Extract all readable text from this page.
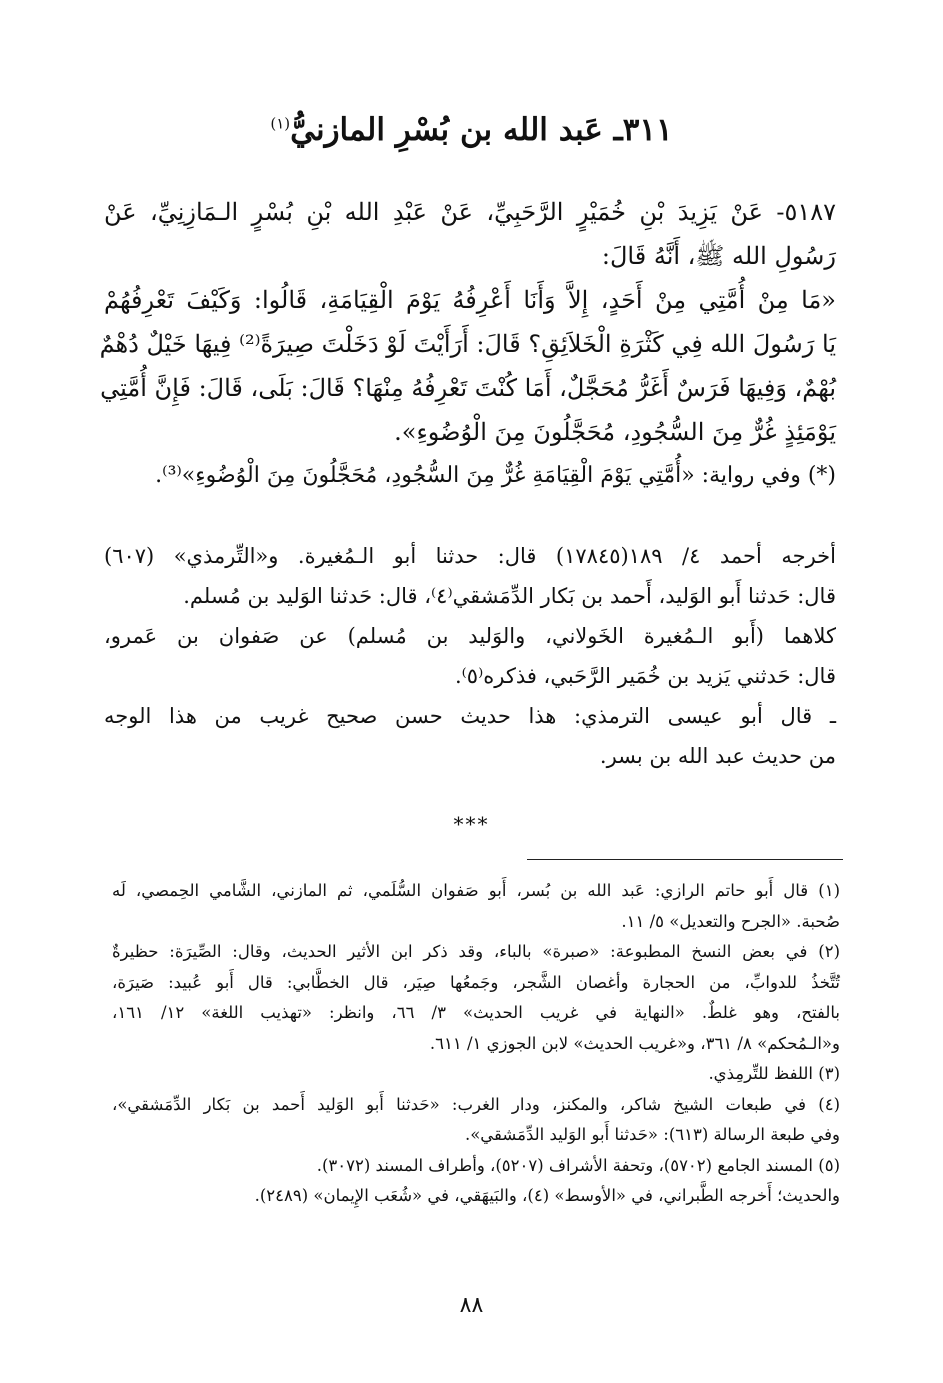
٣١١ـ عَبد الله بن بُسْرِ المازنيُّ$^{(١)}$
٥١٨٧- عَنْ يَزِيدَ بْنِ خُمَيْرٍ الرَّحَبِيِّ، عَنْ عَبْدِ الله بْنِ بُسْرٍ الـمَازِنِيِّ، عَنْ
رَسُولِ الله ﷺ، أَنَّهُ قَالَ:
«مَا مِنْ أُمَّتِي مِنْ أَحَدٍ، إِلاَّ وَأَنَا أَعْرِفُهُ يَوْمَ الْقِيَامَةِ، قَالُوا: وَكَيْفَ تَعْرِفُهُمْ
يَا رَسُولَ الله فِي كَثْرَةِ الْخَلاَئِقِ؟ قَالَ: أَرَأَيْتَ لَوْ دَخَلْتَ صِيرَةً⁽²⁾ فِيهَا خَيْلٌ دُهْمٌ
بُهْمٌ، وَفِيهَا فَرَسٌ أَغَرُّ مُحَجَّلٌ، أَمَا كُنْتَ تَعْرِفُهُ مِنْهَا؟ قَالَ: بَلَى، قَالَ: فَإِنَّ أُمَّتِي
يَوْمَئِذٍ غُرٌّ مِنَ السُّجُودِ، مُحَجَّلُونَ مِنَ الْوُضُوءِ».
(*) وفي رواية: «أُمَّتِي يَوْمَ الْقِيَامَةِ غُرٌّ مِنَ السُّجُودِ، مُحَجَّلُونَ مِنَ الْوُضُوءِ»⁽³⁾.
أخرجه أحمد ٤/ ١٨٩(١٧٨٤٥) قال: حدثنا أبو الـمُغيرة. و«التِّرمذي» (٦٠٧)
قال: حَدثنا أَبو الوَليد، أَحمد بن بَكار الدِّمَشقي⁽٤⁾، قال: حَدثنا الوَليد بن مُسلم.
كلاهما (أَبو الـمُغيرة الخَولاني، والوَليد بن مُسلم) عن صَفوان بن عَمرو،
قال: حَدثني يَزيد بن خُمَير الرَّحَبي، فذكره⁽٥⁾.
ـ قال أبو عيسى الترمذي: هذا حديث حسن صحيح غريب من هذا الوجه
من حديث عبد الله بن بسر.
***
(١) قال أَبو حاتم الرازي: عَبد الله بن بُسر، أَبو صَفوان السُّلَمي، ثم المازني، الشَّامي الحِمصي، لَه
صُحبة. «الجرح والتعديل» ٥/ ١١.
(٢) في بعض النسخ المطبوعة: «صبرة» بالباء، وقد ذكر ابن الأثير الحديث، وقال: الصِّيرَة: حظيرةٌ
تُتَّخذُ للدوابِّ، من الحجارة وأغصان الشَّجر، وجَمعُها صِيَر، قال الخطَّابي: قال أَبو عُبيد: صَيرَة،
بالفتح، وهو غلطٌ. «النهاية في غريب الحديث» ٣/ ٦٦، وانظر: «تهذيب اللغة» ١٢/ ١٦١،
و«الـمُحكم» ٨/ ٣٦١، و«غريب الحديث» لابن الجوزي ١/ ٦١١.
(٣) اللفظ للتِّرمِذي.
(٤) في طبعات الشيخ شاكر، والمكنز، ودار الغرب: «حَدثنا أَبو الوَليد أَحمد بن بَكار الدِّمَشقي»،
وفي طبعة الرسالة (٦١٣): «حَدثنا أَبو الوَليد الدِّمَشقي».
(٥) المسند الجامع (٥٧٠٢)، وتحفة الأشراف (٥٢٠٧)، وأطراف المسند (٣٠٧٢).
والحديث؛ أَخرجه الطَّبراني، في «الأوسط» (٤)، والبَيهَقي، في «شُعَب الإِيمان» (٢٤٨٩).
٨٨
